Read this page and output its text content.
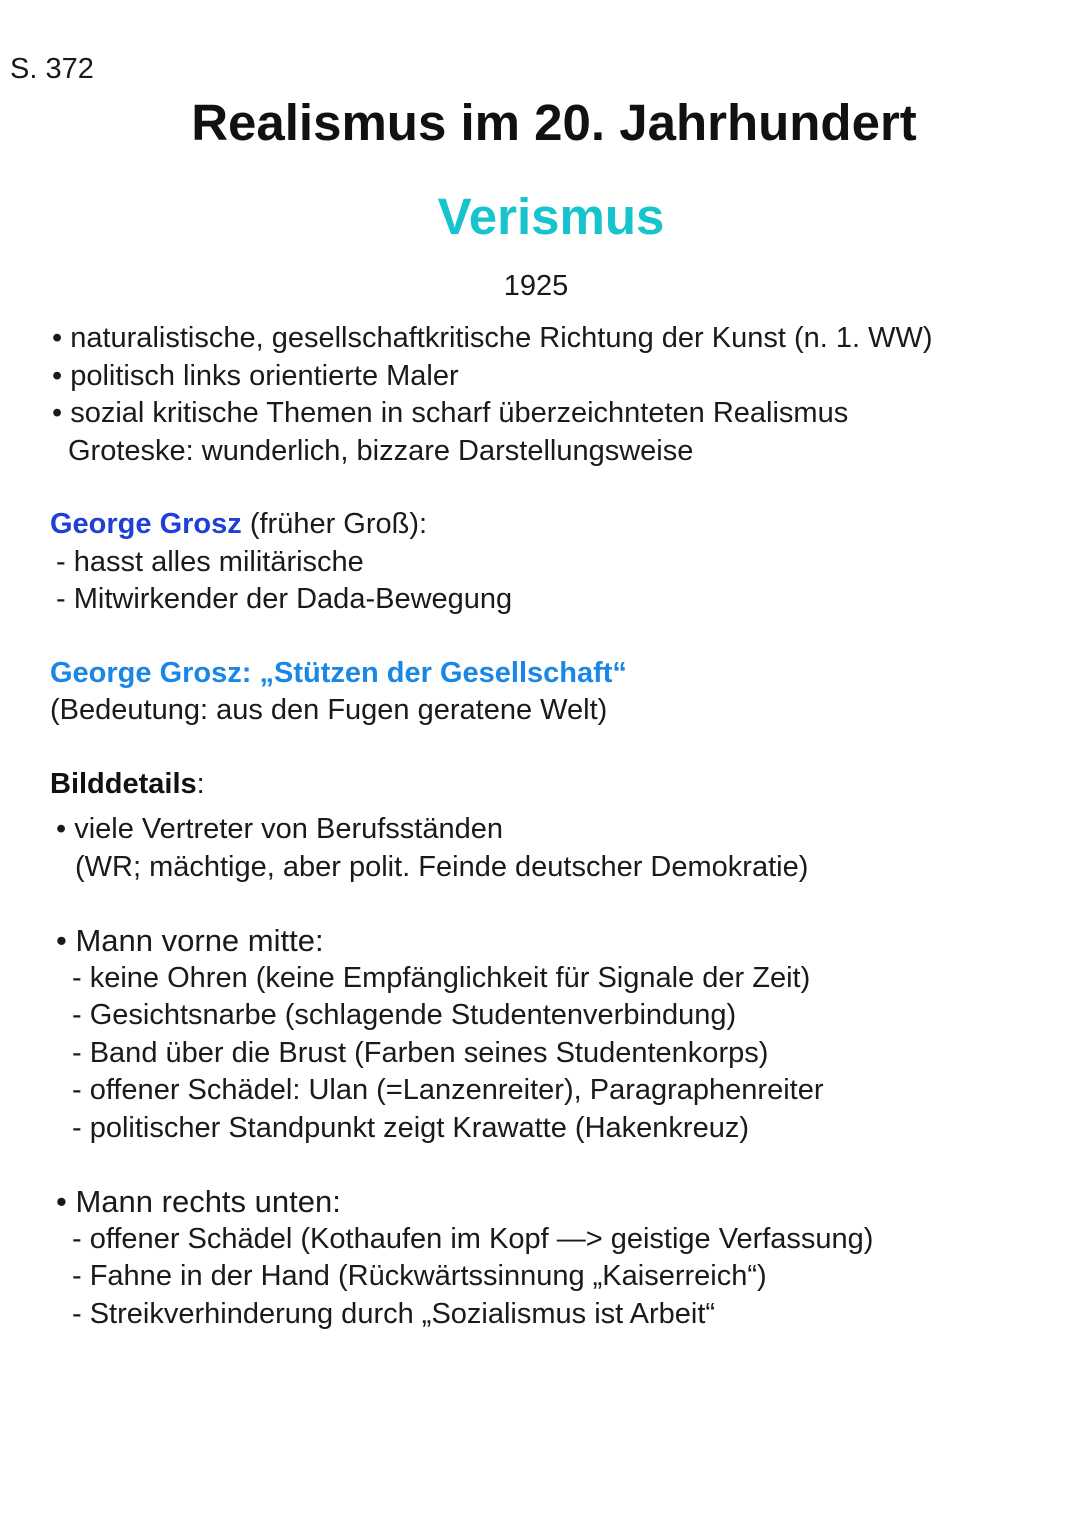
S. 372
Realismus im 20. Jahrhundert
Verismus
1925
• naturalistische, gesellschaftkritische Richtung der Kunst (n. 1. WW)
• politisch links orientierte Maler
• sozial kritische Themen in scharf überzeichnteten Realismus
Groteske: wunderlich, bizzare Darstellungsweise
George Grosz (früher Groß):
- hasst alles militärische
- Mitwirkender der Dada-Bewegung
George Grosz: „Stützen der Gesellschaft“
(Bedeutung: aus den Fugen geratene Welt)
Bilddetails:
• viele Vertreter von Berufsständen
(WR; mächtige, aber polit. Feinde deutscher Demokratie)
• Mann vorne mitte:
- keine Ohren (keine Empfänglichkeit für Signale der Zeit)
- Gesichtsnarbe (schlagende Studentenverbindung)
- Band über die Brust (Farben seines Studentenkorps)
- offener Schädel: Ulan (=Lanzenreiter), Paragraphenreiter
- politischer Standpunkt zeigt Krawatte (Hakenkreuz)
• Mann rechts unten:
- offener Schädel (Kothaufen im Kopf —> geistige Verfassung)
- Fahne in der Hand (Rückwärtssinnung „Kaiserreich“)
- Streikverhinderung durch „Sozialismus ist Arbeit“
